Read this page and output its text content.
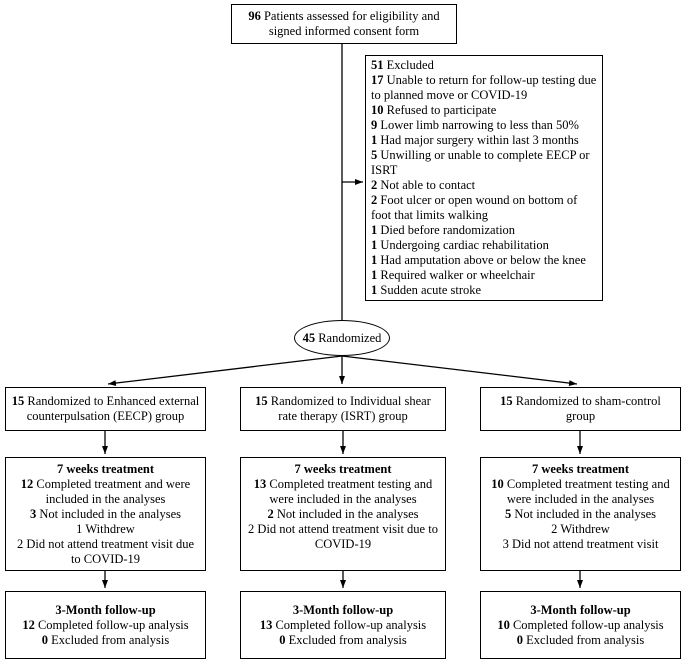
96 Patients assessed for eligibility and signed informed consent form
51 Excluded
17 Unable to return for follow-up testing due to planned move or COVID-19
10 Refused to participate
9 Lower limb narrowing to less than 50%
1 Had major surgery within last 3 months
5 Unwilling or unable to complete EECP or ISRT
2 Not able to contact
2 Foot ulcer or open wound on bottom of foot that limits walking
1 Died before randomization
1 Undergoing cardiac rehabilitation
1 Had amputation above or below the knee
1 Required walker or wheelchair
1 Sudden acute stroke
45 Randomized
15 Randomized to Enhanced external counterpulsation (EECP) group
15 Randomized to Individual shear rate therapy (ISRT) group
15 Randomized to sham-control group
7 weeks treatment
12 Completed treatment and were included in the analyses
3 Not included in the analyses
1 Withdrew
2 Did not attend treatment visit due to COVID-19
7 weeks treatment
13 Completed treatment testing and were included in the analyses
2 Not included in the analyses
2 Did not attend treatment visit due to COVID-19
7 weeks treatment
10 Completed treatment testing and were included in the analyses
5 Not included in the analyses
2 Withdrew
3 Did not attend treatment visit
3-Month follow-up
12 Completed follow-up analysis
0 Excluded from analysis
3-Month follow-up
13 Completed follow-up analysis
0 Excluded from analysis
3-Month follow-up
10 Completed follow-up analysis
0 Excluded from analysis
